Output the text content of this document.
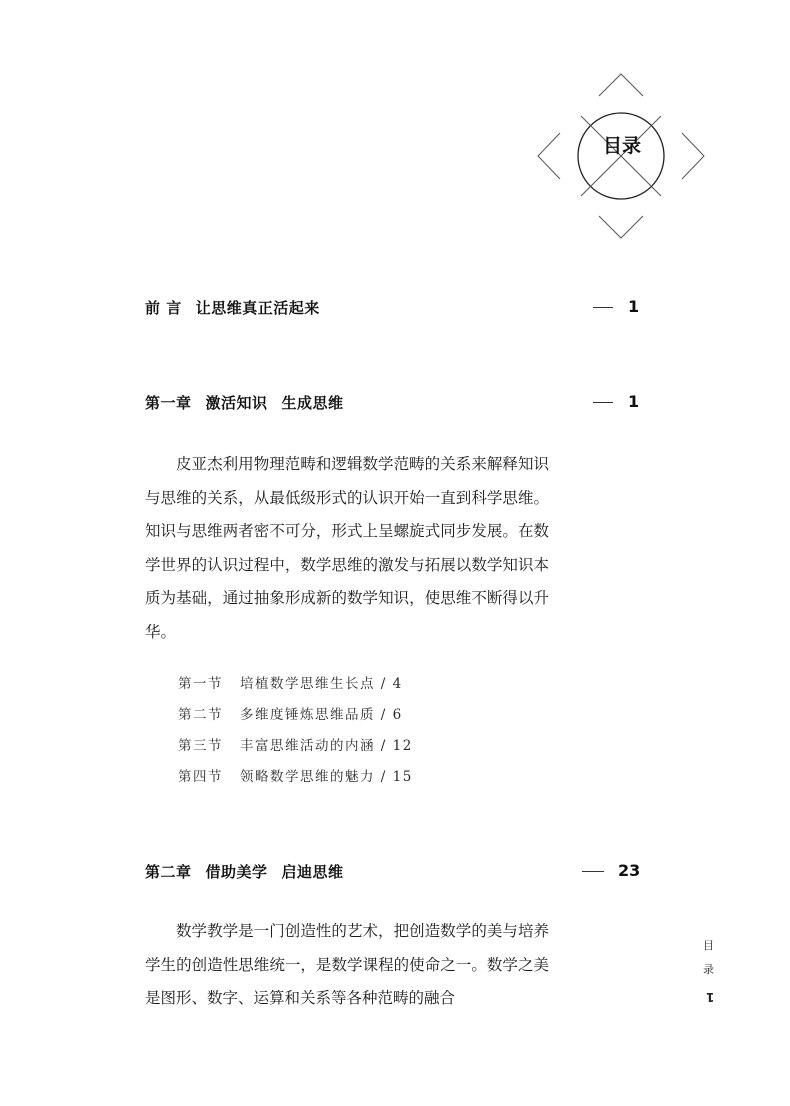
目录
前 言 让思维真正活起来	1
第一章 激活知识 生成思维	1

皮亚杰利用物理范畴和逻辑数学范畴的关系来解释知识与思维的关系，从最低级形式的认识开始一直到科学思维。知识与思维两者密不可分，形式上呈螺旋式同步发展。在数学世界的认识过程中，数学思维的激发与拓展以数学知识本质为基础，通过抽象形成新的数学知识，使思维不断得以升华。

第一节 培植数学思维生长点 / 4
第二节 多维度锤炼思维品质 / 6
第三节 丰富思维活动的内涵 / 12
第四节 领略数学思维的魅力 / 15
第二章 借助美学 启迪思维	23

数学教学是一门创造性的艺术，把创造数学的美与培养学生的创造性思维统一，是数学课程的使命之一。数学之美是图形、数字、运算和关系等各种范畴的融合

目
录
1
